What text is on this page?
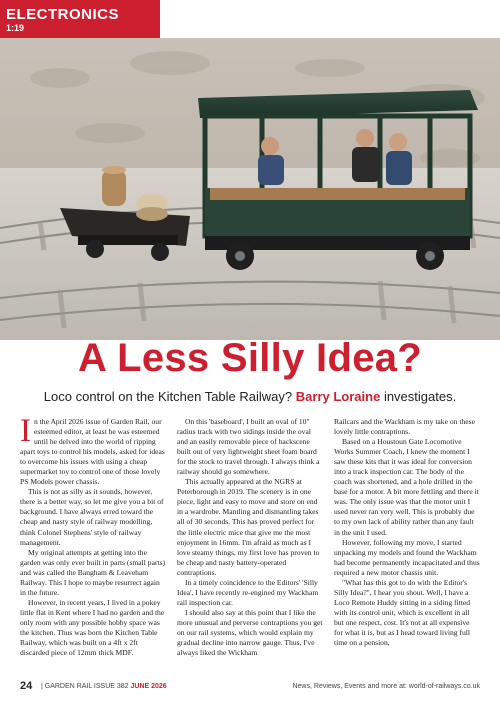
ELECTRONICS
1:19
A Less Silly Idea?
Loco control on the Kitchen Table Railway? Barry Loraine investigates.
I n the April 2026 issue of Garden Rail, our esteemed editor, at least he was esteemed until he delved into the world of ripping apart toys to control his models, asked for ideas to overcome his issues with using a cheap supermarket toy to control one of those lovely PS Models power chassis.

This is not as silly as it sounds, however, there is a better way, so let me give you a bit of background. I have always erred toward the cheap and nasty style of railway modelling, think Colonel Stephens' style of railway management.

My original attempts at getting into the garden was only ever built in parts (small parts) and was called the Bangham & Leaveham Railway. This I hope to maybe resurrect again in the future.

However, in recent years, I lived in a pokey little flat in Kent where I had no garden and the only room with any possible hobby space was the kitchen. Thus was born the Kitchen Table Railway, which was built on a 4ft x 2ft discarded piece of 12mm thick MDF.

On this 'baseboard', I built an oval of 10" radius track with two sidings inside the oval and an easily removable piece of backscene built out of very lightweight sheet foam board for the stock to travel through. I always think a railway should go somewhere.

This actually appeared at the NGRS at Peterborough in 2019. The scenery is in one piece, light and easy to move and store on end in a wardrobe. Mantling and dismantling takes all of 30 seconds. This has proved perfect for the little electric mice that give me the most enjoyment in 16mm. I'm afraid as much as I love steamy things, my first love has proven to be cheap and nasty battery-operated contraptions.

In a timely coincidence to the Editors' 'Silly Idea', I have recently re-engined my Wackham rail inspection car.

I should also say at this point that I like the more unusual and perverse contraptions you get on our rail systems, which would explain my gradual decline into narrow gauge. Thus, I've always liked the Wickham

Railcars and the Wackham is my take on these lovely little contraptions.

Based on a Houstoun Gate Locomotive Works Summer Coach, I knew the moment I saw these kits that it was ideal for conversion into a track inspection car. The body of the coach was shortened, and a hole drilled in the base for a motor. A bit more fettling and there it was. The only issue was that the motor unit I used never ran very well. This is probably due to my own lack of ability rather than any fault in the unit I used.

However, following my move, I started unpacking my models and found the Wackham had become permanently incapacitated and thus required a new motor chassis unit.

"What has this got to do with the Editor's Silly Idea?", I hear you shout. Well, I have a Loco Remote Huddy sitting in a siding fitted with its control unit, which is excellent in all but one respect, cost. It's not at all expensive for what it is, but as I head toward living full time on a pension,

24 | GARDEN RAIL ISSUE 382 JUNE 2026	News, Reviews, Events and more at: world-of-railways.co.uk
